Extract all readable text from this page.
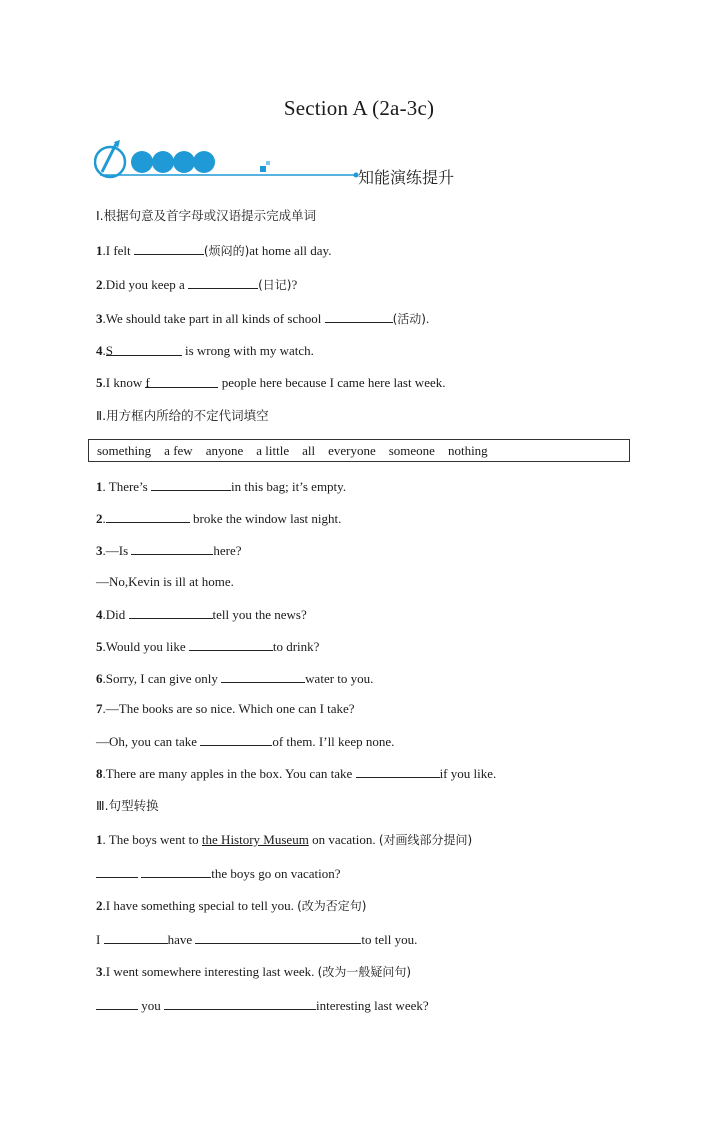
Section A (2a-3c)
知能演练提升
Ⅰ.根据句意及首字母或汉语提示完成单词
1.I felt	(烦闷的)at home all day.
2.Did you keep a	(日记)?
3.We should take part in all kinds of school	(活动).
4.S	is wrong with my watch.
5.I know f	people here because I came here last week.
Ⅱ.用方框内所给的不定代词填空
something a few anyone a little all everyone someone nothing
1. There’s	in this bag; it’s empty.
2.	broke the window last night.
3.—Is	here?
—No,Kevin is ill at home.
4.Did	tell you the news?
5.Would you like	to drink?
6.Sorry, I can give only	water to you.
7.—The books are so nice. Which one can I take?
—Oh, you can take	of them. I’ll keep none.
8.There are many apples in the box. You can take	if you like.
Ⅲ.句型转换
1. The boys went to the History Museum on vacation. (对画线部分提问)
the boys go on vacation?
2.I have something special to tell you. (改为否定句)
I	have	to tell you.
3.I went somewhere interesting last week. (改为一般疑问句)
you	interesting last week?
